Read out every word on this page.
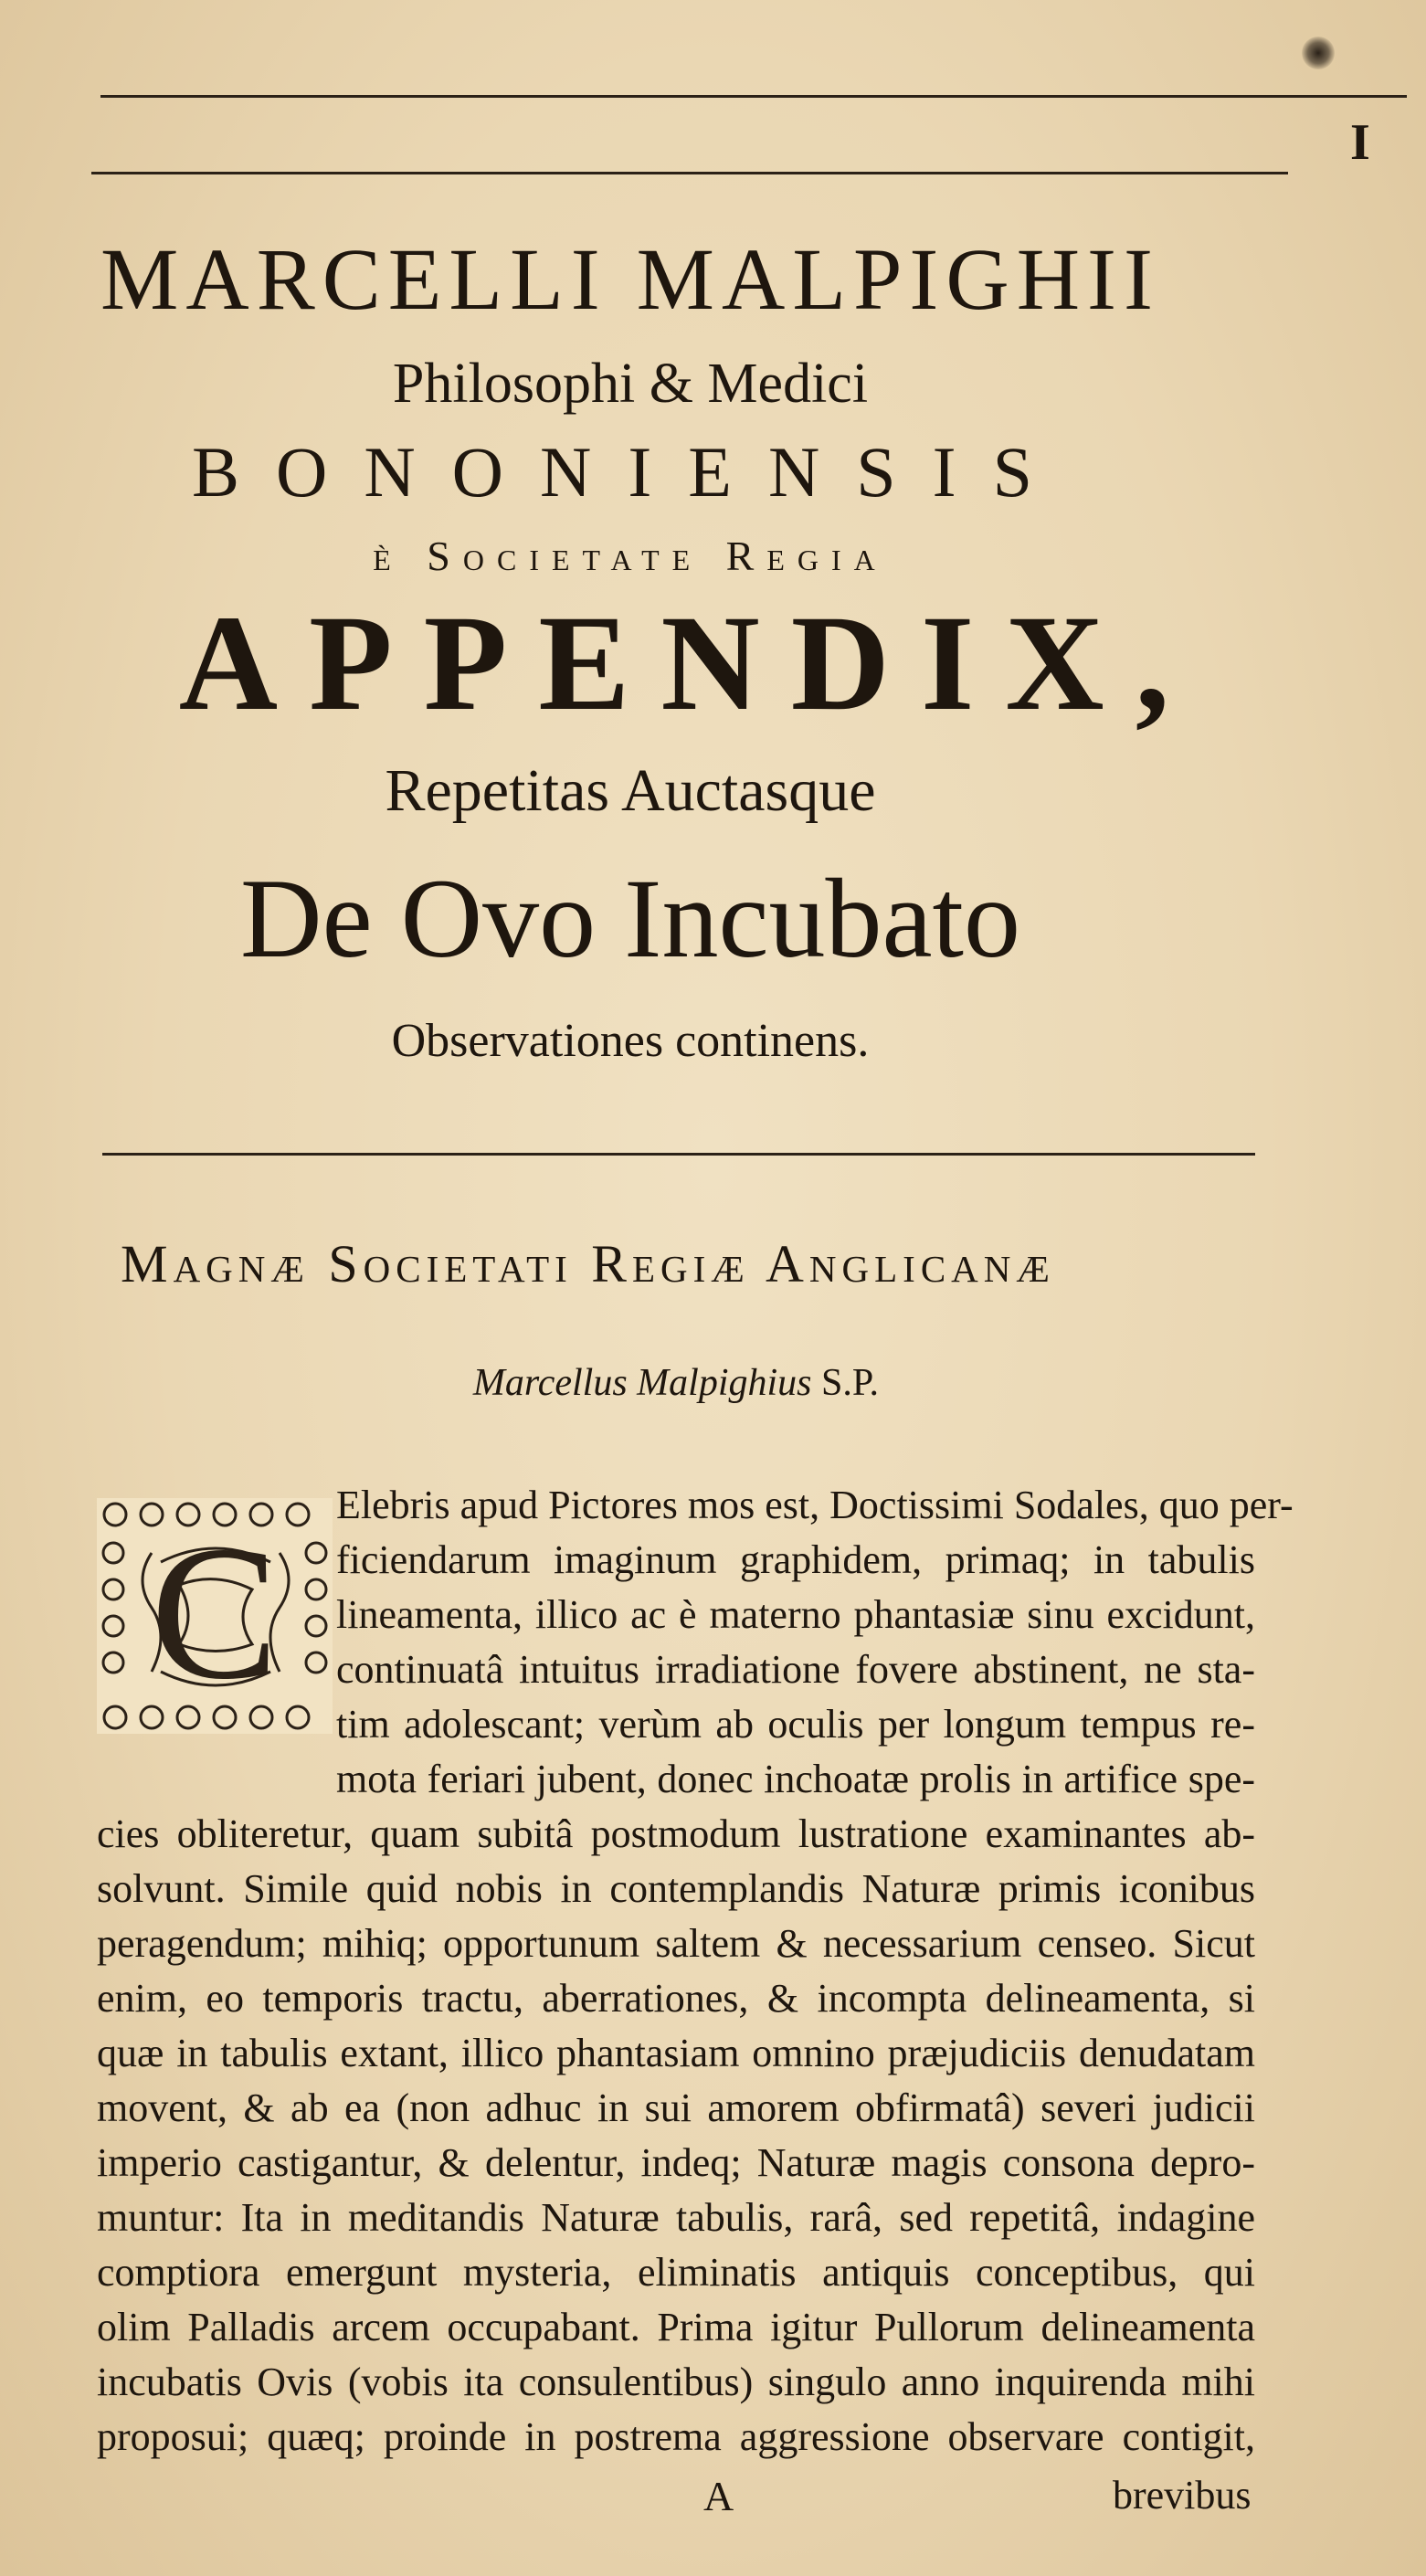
I
MARCELLI MALPIGHII
Philosophi & Medici
BONONIENSIS
è Societate Regia
APPENDIX,
Repetitas Auctasque
De Ovo Incubato
Observationes continens.
Magnæ Societati Regiæ Anglicanæ
Marcellus Malpighius S.P.
C
Elebris apud Pictores mos est, Doctissimi Sodales, quo per-
ficiendarum imaginum graphidem, primaq; in tabulis
lineamenta, illico ac è materno phantasiæ sinu excidunt,
continuatâ intuitus irradiatione fovere abstinent, ne sta-
tim adolescant; verùm ab oculis per longum tempus re-
mota feriari jubent, donec inchoatæ prolis in artifice spe-
cies obliteretur, quam subitâ postmodum lustratione examinantes ab-
solvunt. Simile quid nobis in contemplandis Naturæ primis iconibus
peragendum; mihiq; opportunum saltem & necessarium censeo. Sicut
enim, eo temporis tractu, aberrationes, & incompta delineamenta, si
quæ in tabulis extant, illico phantasiam omnino præjudiciis denudatam
movent, & ab ea (non adhuc in sui amorem obfirmatâ) severi judicii
imperio castigantur, & delentur, indeq; Naturæ magis consona depro-
muntur: Ita in meditandis Naturæ tabulis, rarâ, sed repetitâ, indagine
comptiora emergunt mysteria, eliminatis antiquis conceptibus, qui
olim Palladis arcem occupabant. Prima igitur Pullorum delineamenta
incubatis Ovis (vobis ita consulentibus) singulo anno inquirenda mihi
proposui; quæq; proinde in postrema aggressione observare contigit,
A	brevibus
